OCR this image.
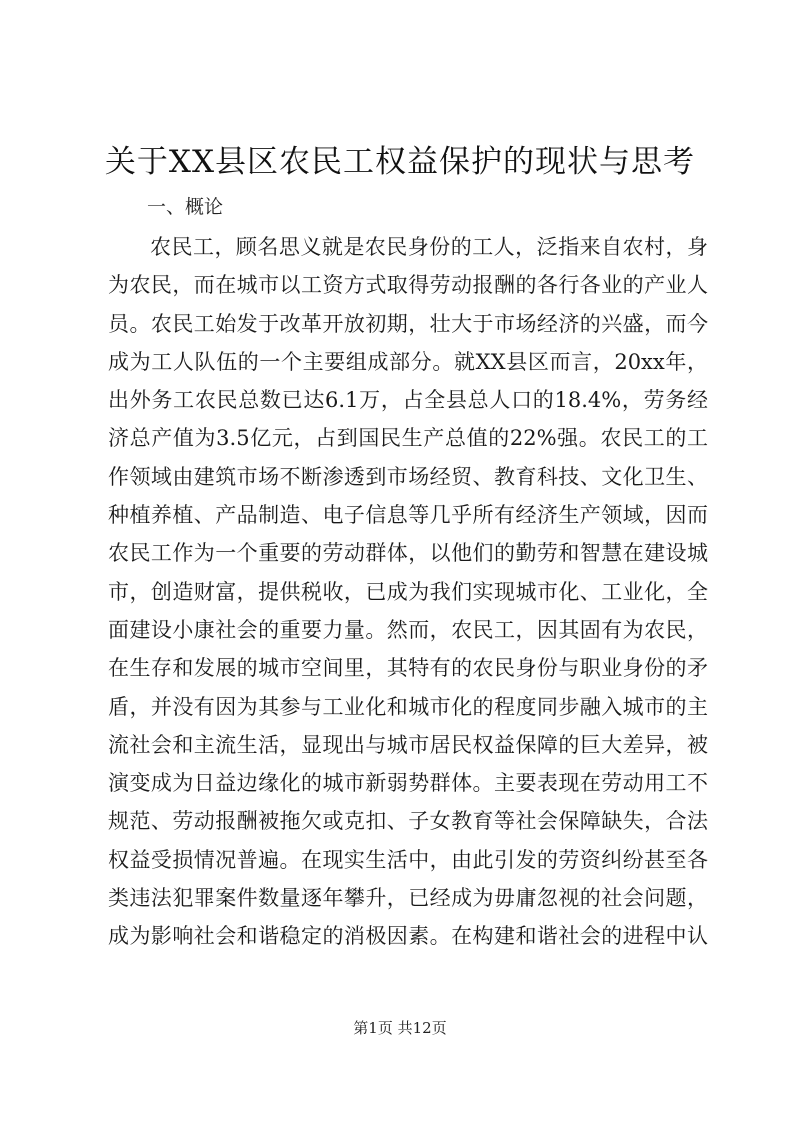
关于XX县区农民工权益保护的现状与思考
一、概论
农民工，顾名思义就是农民身份的工人，泛指来自农村，身
为农民，而在城市以工资方式取得劳动报酬的各行各业的产业人
员。农民工始发于改革开放初期，壮大于市场经济的兴盛，而今
成为工人队伍的一个主要组成部分。就XX县区而言，20xx年，
出外务工农民总数已达6.1万，占全县总人口的18.4%，劳务经
济总产值为3.5亿元，占到国民生产总值的22%强。农民工的工
作领域由建筑市场不断渗透到市场经贸、教育科技、文化卫生、
种植养植、产品制造、电子信息等几乎所有经济生产领域，因而
农民工作为一个重要的劳动群体，以他们的勤劳和智慧在建设城
市，创造财富，提供税收，已成为我们实现城市化、工业化，全
面建设小康社会的重要力量。然而，农民工，因其固有为农民，
在生存和发展的城市空间里，其特有的农民身份与职业身份的矛
盾，并没有因为其参与工业化和城市化的程度同步融入城市的主
流社会和主流生活，显现出与城市居民权益保障的巨大差异，被
演变成为日益边缘化的城市新弱势群体。主要表现在劳动用工不
规范、劳动报酬被拖欠或克扣、子女教育等社会保障缺失，合法
权益受损情况普遍。在现实生活中，由此引发的劳资纠纷甚至各
类违法犯罪案件数量逐年攀升，已经成为毋庸忽视的社会问题，
成为影响社会和谐稳定的消极因素。在构建和谐社会的进程中认
第1页 共12页
